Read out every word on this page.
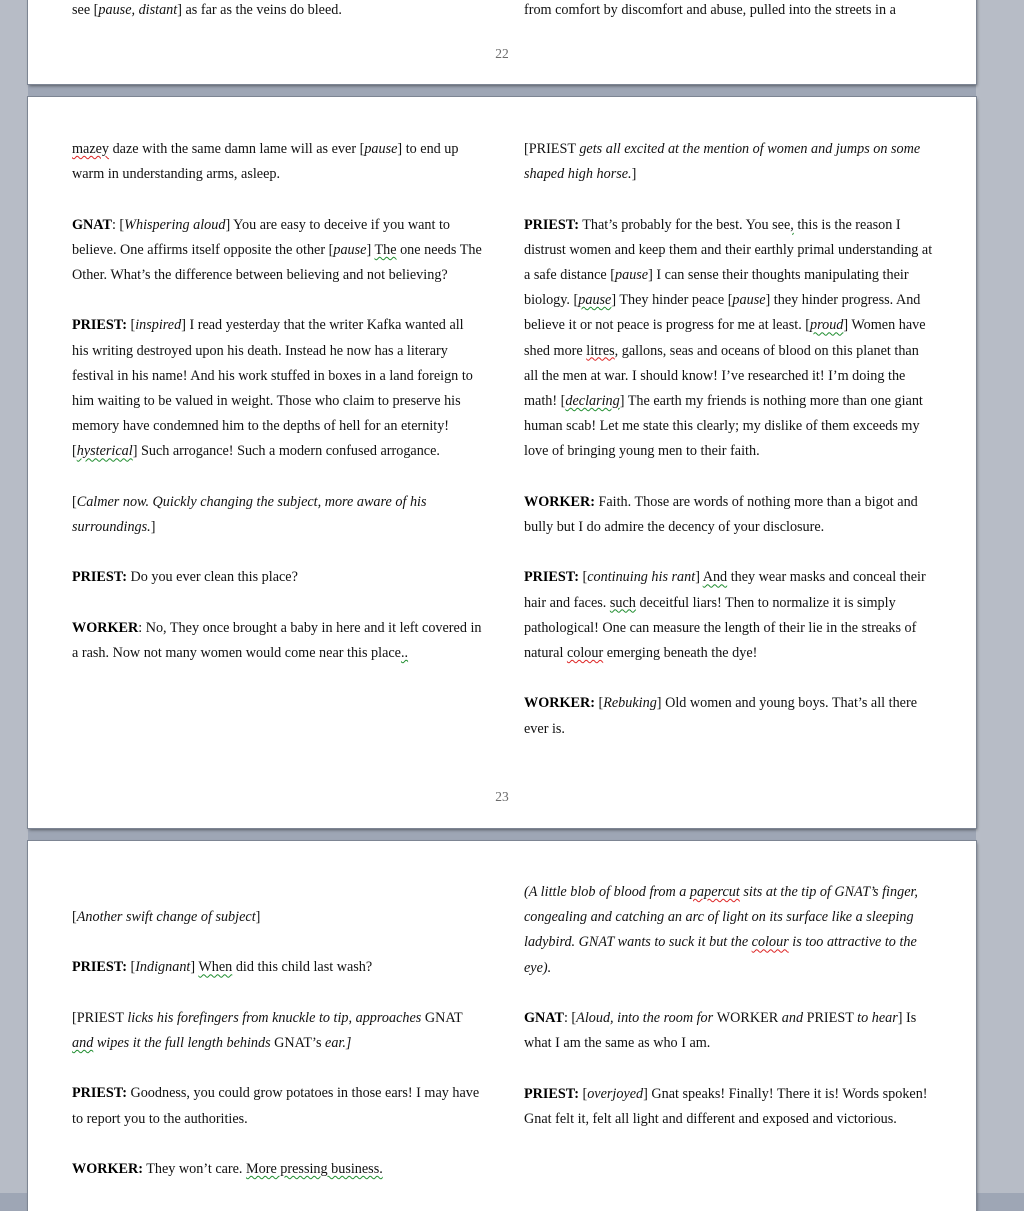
see [pause, distant] as far as the veins do bleed.	from comfort by discomfort and abuse, pulled into the streets in a

22

mazey daze with the same damn lame will as ever [pause] to end up warm in understanding arms, asleep.

GNAT: [Whispering aloud] You are easy to deceive if you want to believe. One affirms itself opposite the other [pause] The one needs The Other. What’s the difference between believing and not believing?

PRIEST: [inspired] I read yesterday that the writer Kafka wanted all his writing destroyed upon his death. Instead he now has a literary festival in his name! And his work stuffed in boxes in a land foreign to him waiting to be valued in weight. Those who claim to preserve his memory have condemned him to the depths of hell for an eternity! [hysterical] Such arrogance! Such a modern confused arrogance.

[Calmer now. Quickly changing the subject, more aware of his surroundings.]

PRIEST: Do you ever clean this place?

WORKER: No, They once brought a baby in here and it left covered in a rash. Now not many women would come near this place..

[PRIEST gets all excited at the mention of women and jumps on some shaped high horse.]

PRIEST: That’s probably for the best. You see, this is the reason I distrust women and keep them and their earthly primal understanding at a safe distance [pause] I can sense their thoughts manipulating their biology. [pause] They hinder peace [pause] they hinder progress. And believe it or not peace is progress for me at least. [proud] Women have shed more litres, gallons, seas and oceans of blood on this planet than all the men at war. I should know! I’ve researched it! I’m doing the math! [declaring] The earth my friends is nothing more than one giant human scab! Let me state this clearly; my dislike of them exceeds my love of bringing young men to their faith.

WORKER: Faith. Those are words of nothing more than a bigot and bully but I do admire the decency of your disclosure.

PRIEST: [continuing his rant] And they wear masks and conceal their hair and faces. such deceitful liars! Then to normalize it is simply pathological! One can measure the length of their lie in the streaks of natural colour emerging beneath the dye!

WORKER: [Rebuking] Old women and young boys. That’s all there ever is.

23

[Another swift change of subject]

PRIEST: [Indignant] When did this child last wash?

[PRIEST licks his forefingers from knuckle to tip, approaches GNAT and wipes it the full length behinds GNAT’s ear.]

PRIEST: Goodness, you could grow potatoes in those ears! I may have to report you to the authorities.

WORKER: They won’t care. More pressing business.

(A little blob of blood from a papercut sits at the tip of GNAT’s finger, congealing and catching an arc of light on its surface like a sleeping ladybird. GNAT wants to suck it but the colour is too attractive to the eye).

GNAT: [Aloud, into the room for WORKER and PRIEST to hear] Is what I am the same as who I am.

PRIEST: [overjoyed] Gnat speaks! Finally! There it is! Words spoken! Gnat felt it, felt all light and different and exposed and victorious.
